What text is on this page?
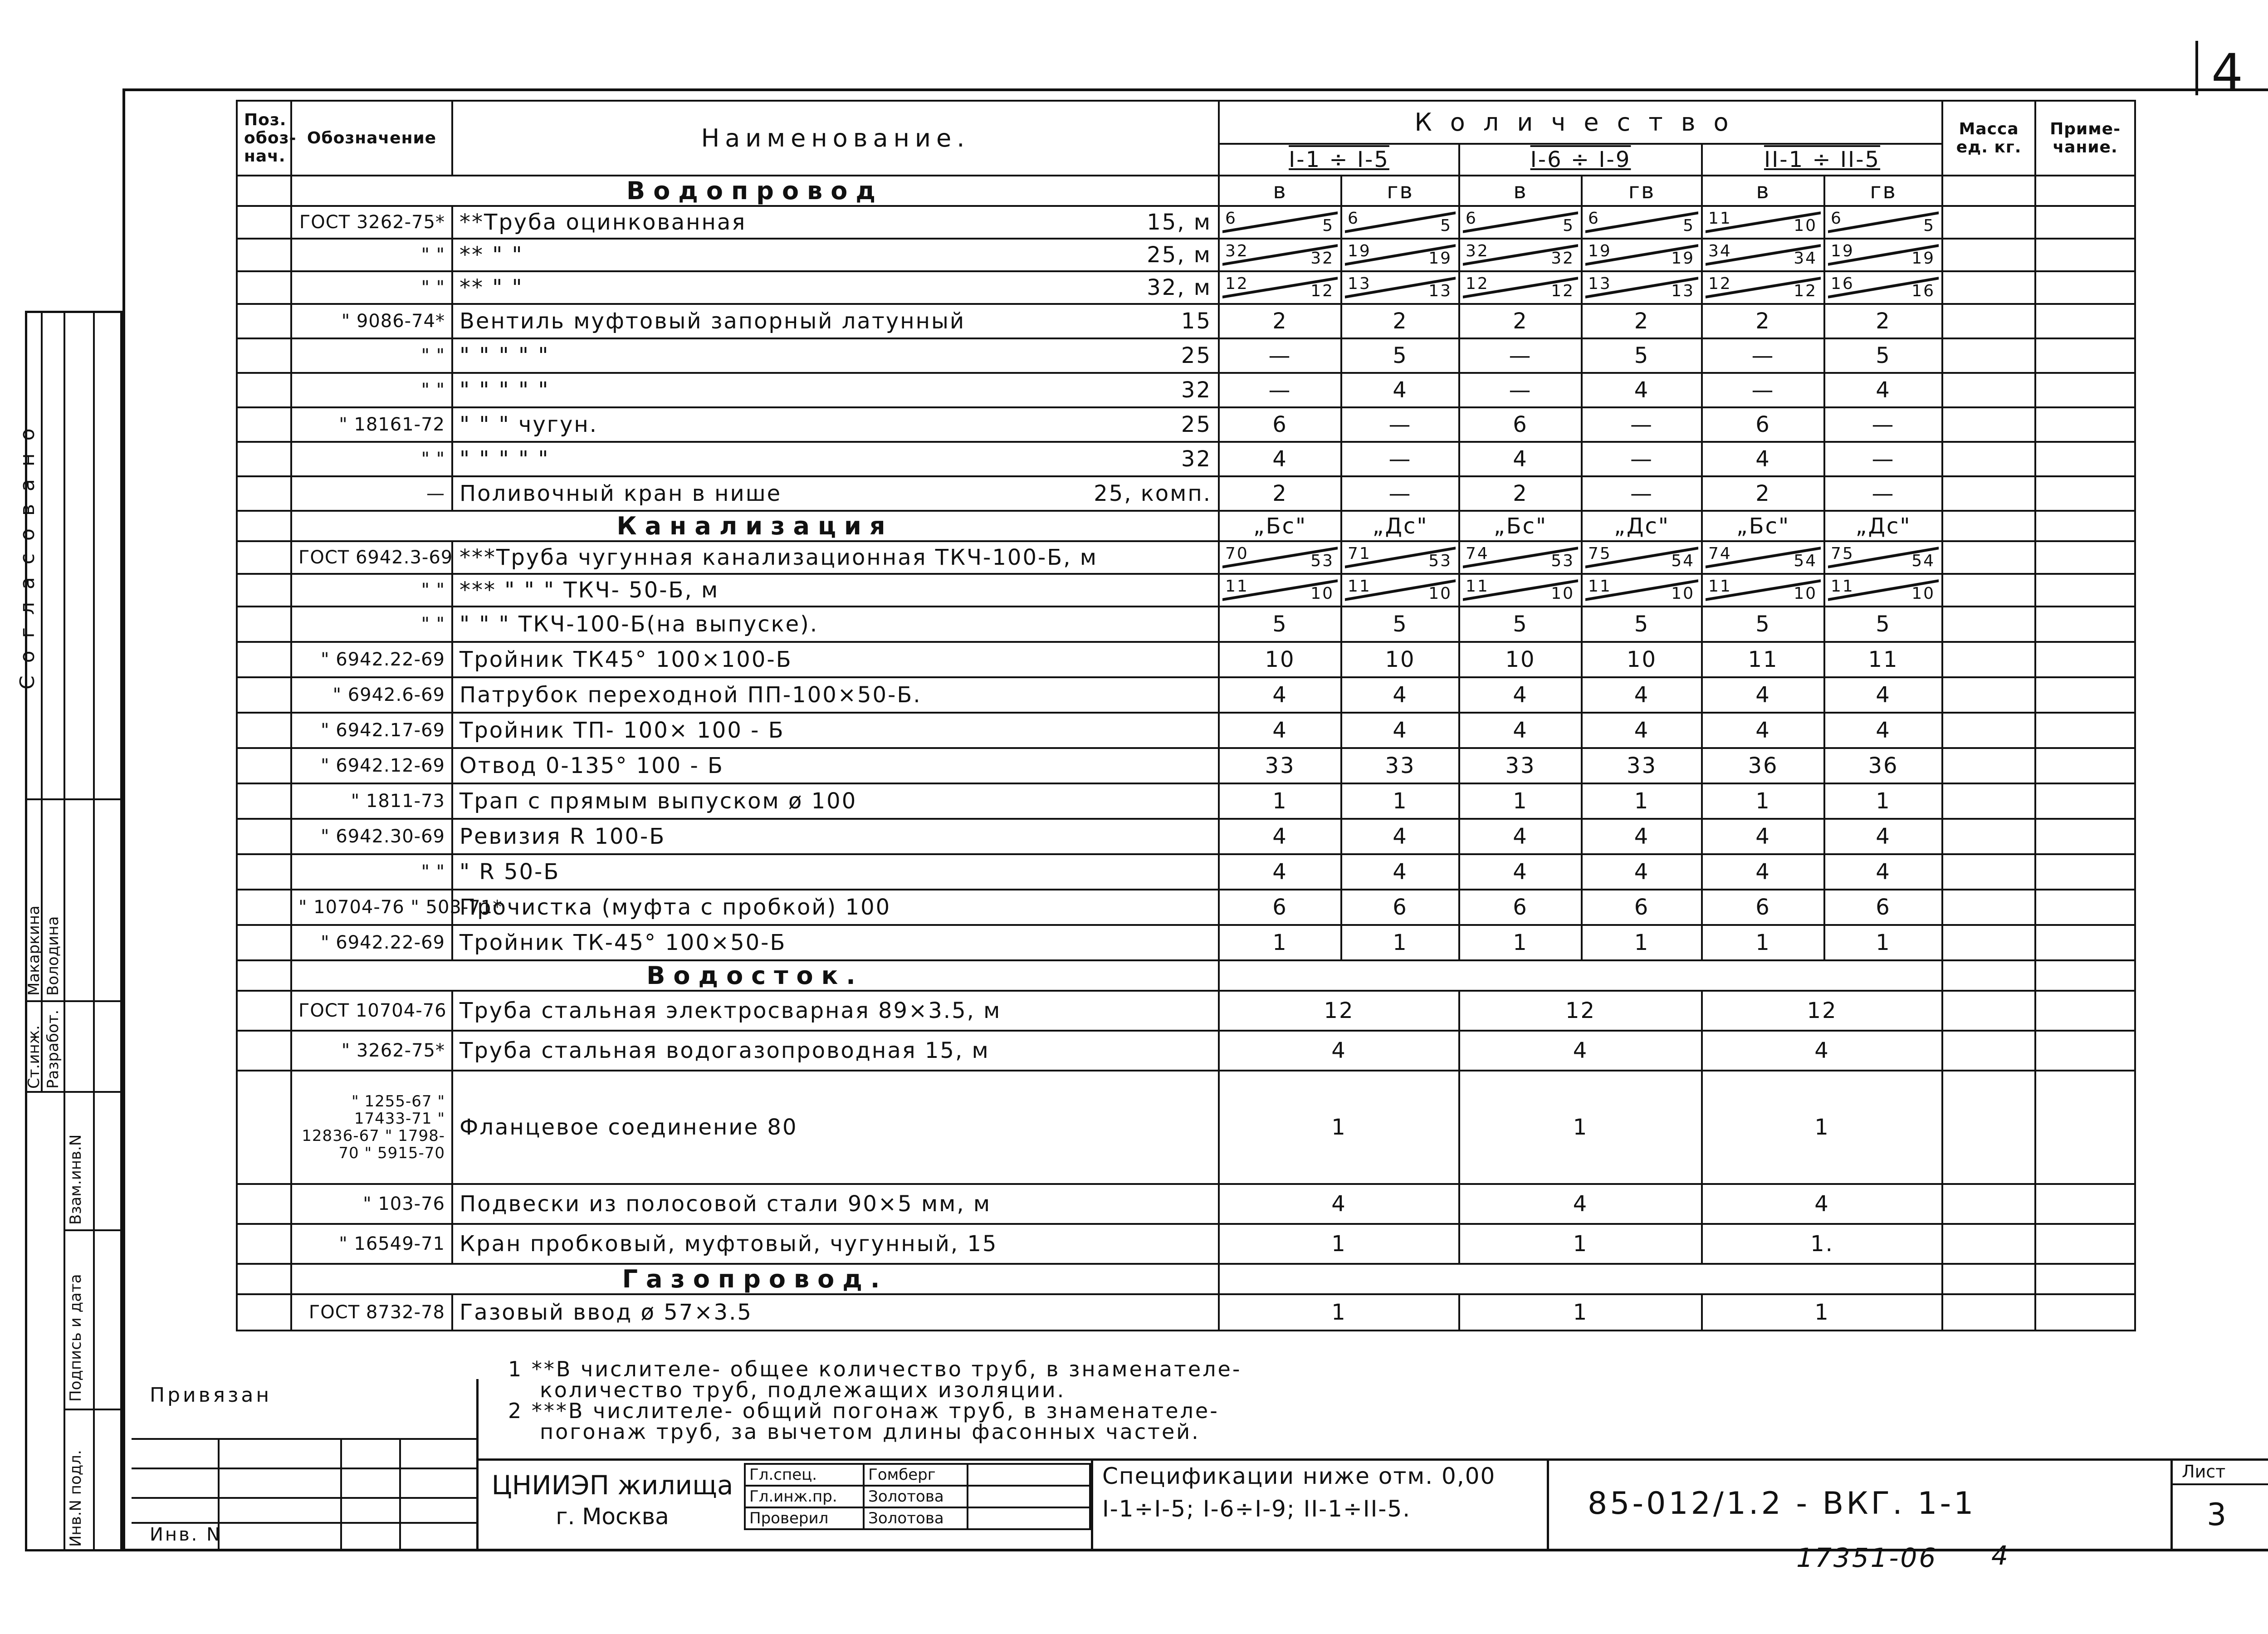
4
Поз. обоз-нач.	Обозначение	Наименование.	Количество						Масса ед. кг.	Приме-чание.
			I-1 ÷ I-5		I-6 ÷ I-9		II-1 ÷ II-5			
	Водопровод		в	гв	в	гв	в	гв		
	ГОСТ 3262-75*	**Труба оцинкованная 15, м	6 5	6 5	6 5	6 5	11 10	6 5		

	" "	** " " 25, м	32 32	19 19	32 32	19 19	34 34	19 19		

	" "	** " " 32, м	12 12	13 13	12 12	13 13	12 12	16 16		

	" 9086-74*	Вентиль муфтовый запорный латунный 15	2	2	2	2	2	2		
	" "	" " " " " 25	—	5	—	5	—	5		
	" "	" " " " " 32	—	4	—	4	—	4		
	" 18161-72	" " " чугун. 25	6	—	6	—	6	—		
	" "	" " " " " 32	4	—	4	—	4	—		
	—	Поливочный кран в нише 25, комп.	2	—	2	—	2	—		
	Канализация		„Бс"	„Дс"	„Бс"	„Дс"	„Бс"	„Дс"		
	ГОСТ 6942.3-69	***Труба чугунная канализационная ТКЧ-100-Б, м	70 53	71 53	74 53	75 54	74 54	75 54		

	" "	*** " " " ТКЧ- 50-Б, м	11 10	11 10	11 10	11 10	11 10	11 10		

	" "	" " " ТКЧ-100-Б(на выпуске).	5	5	5	5	5	5		
	" 6942.22-69	Тройник ТК45° 100×100-Б	10	10	10	10	11	11		
	" 6942.6-69	Патрубок переходной ПП-100×50-Б.	4	4	4	4	4	4		
	" 6942.17-69	Тройник ТП- 100× 100 - Б	4	4	4	4	4	4		
	" 6942.12-69	Отвод 0-135° 100 - Б	33	33	33	33	36	36		
	" 1811-73	Трап с прямым выпуском ø 100	1	1	1	1	1	1		
	" 6942.30-69	Ревизия R 100-Б	4	4	4	4	4	4		
	" "	" R 50-Б	4	4	4	4	4	4		
	" 10704-76 " 503-71*	Прочистка (муфта с пробкой) 100	6	6	6	6	6	6		
	" 6942.22-69	Тройник ТК-45° 100×50-Б	1	1	1	1	1	1		
	Водосток.									
	ГОСТ 10704-76	Труба стальная электросварная 89×3.5, м	12		12		12			
	" 3262-75*	Труба стальная водогазопроводная 15, м	4		4		4			
	" 1255-67 " 17433-71 " 12836-67 " 1798-70 " 5915-70	Фланцевое соединение 80	1		1		1			
	" 103-76	Подвески из полосовой стали 90×5 мм, м	4		4		4			
	" 16549-71	Кран пробковый, муфтовый, чугунный, 15	1		1		1.			
	Газопровод.									
	ГОСТ 8732-78	Газовый ввод ø 57×3.5	1		1		1			
1 **В числителе- общее количество труб, в знаменателе-
количество труб, подлежащих изоляции.
2 ***В числителе- общий погонаж труб, в знаменателе-
погонаж труб, за вычетом длины фасонных частей.
Согласовано
Ст.инж.
Макаркина
Разработ.
Володина
Взам.инв.N
Подпись и дата
Инв.N подл.
Привязан
Инв. N
ЦНИИЭП жилища
г. Москва
Гл.спец.	Гомберг	
Гл.инж.пр.	Золотова	
Проверил	Золотова	
Спецификации ниже отм. 0,00
I-1÷I-5; I-6÷I-9; II-1÷II-5.	85-012/1.2 - ВКГ. 1-1
Лист
3
17351-06 4
